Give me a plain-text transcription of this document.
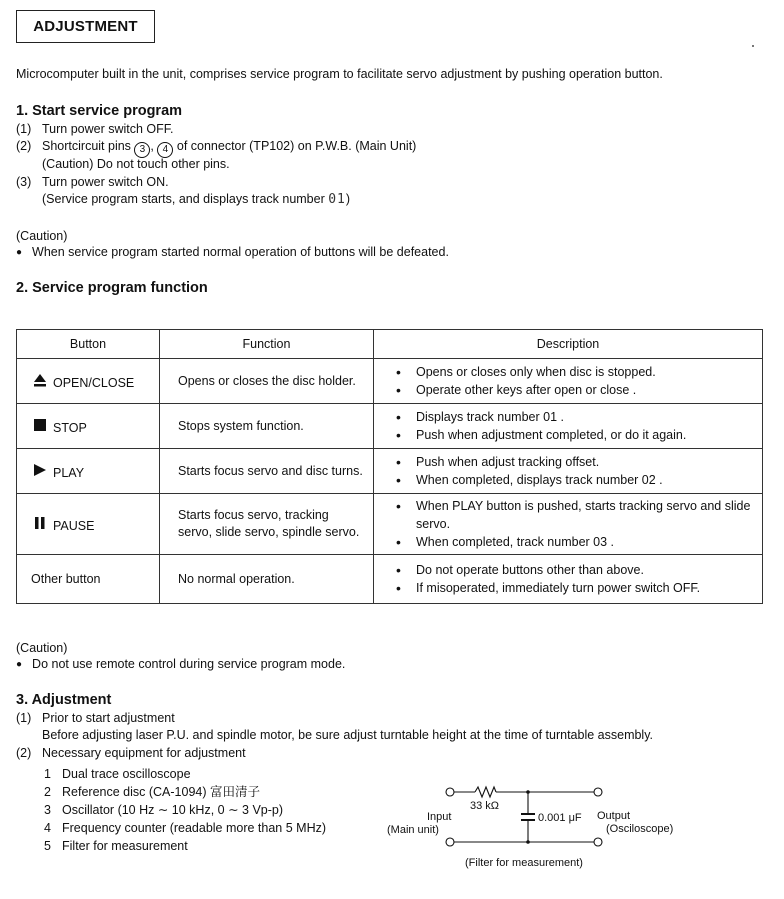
ADJUSTMENT
Microcomputer built in the unit, comprises service program to facilitate servo adjustment by pushing operation button.
1. Start service program
(1) Turn power switch OFF.
(2) Shortcircuit pins 3 , 4 of connector (TP102) on P.W.B. (Main Unit)
(Caution) Do not touch other pins.
(3) Turn power switch ON.
(Service program starts, and displays track number 01)
(Caution)
● When service program started normal operation of buttons will be defeated.
2. Service program function
Button	Function	Description
OPEN/CLOSE	Opens or closes the disc holder.	
• Opens or closes only when disc is stopped.
• Operate other keys after open or close .

STOP	Stops system function.	
• Displays track number 01 .
• Push when adjustment completed, or do it again.

PLAY	Starts focus servo and disc turns.	
• Push when adjust tracking offset.
• When completed, displays track number 02 .

PAUSE	Starts focus servo, tracking servo, slide servo, spindle servo.	
• When PLAY button is pushed, starts tracking servo and slide servo.
• When completed, track number 03 .

Other button	No normal operation.	
• Do not operate buttons other than above.
• If misoperated, immediately turn power switch OFF.
(Caution)
● Do not use remote control during service program mode.
3. Adjustment
(1) Prior to start adjustment
Before adjusting laser P.U. and spindle motor, be sure adjust turntable height at the time of turntable assembly.
(2) Necessary equipment for adjustment
1 Dual trace oscilloscope
2 Reference disc (CA-1094) 富田清子
3 Oscillator (10 Hz ∼ 10 kHz, 0 ∼ 3 Vp-p)
4 Frequency counter (readable more than 5 MHz)
5 Filter for measurement
33 kΩ
0.001 μF
Input
(Main unit)
Output
(Osciloscope)
(Filter for measurement)
